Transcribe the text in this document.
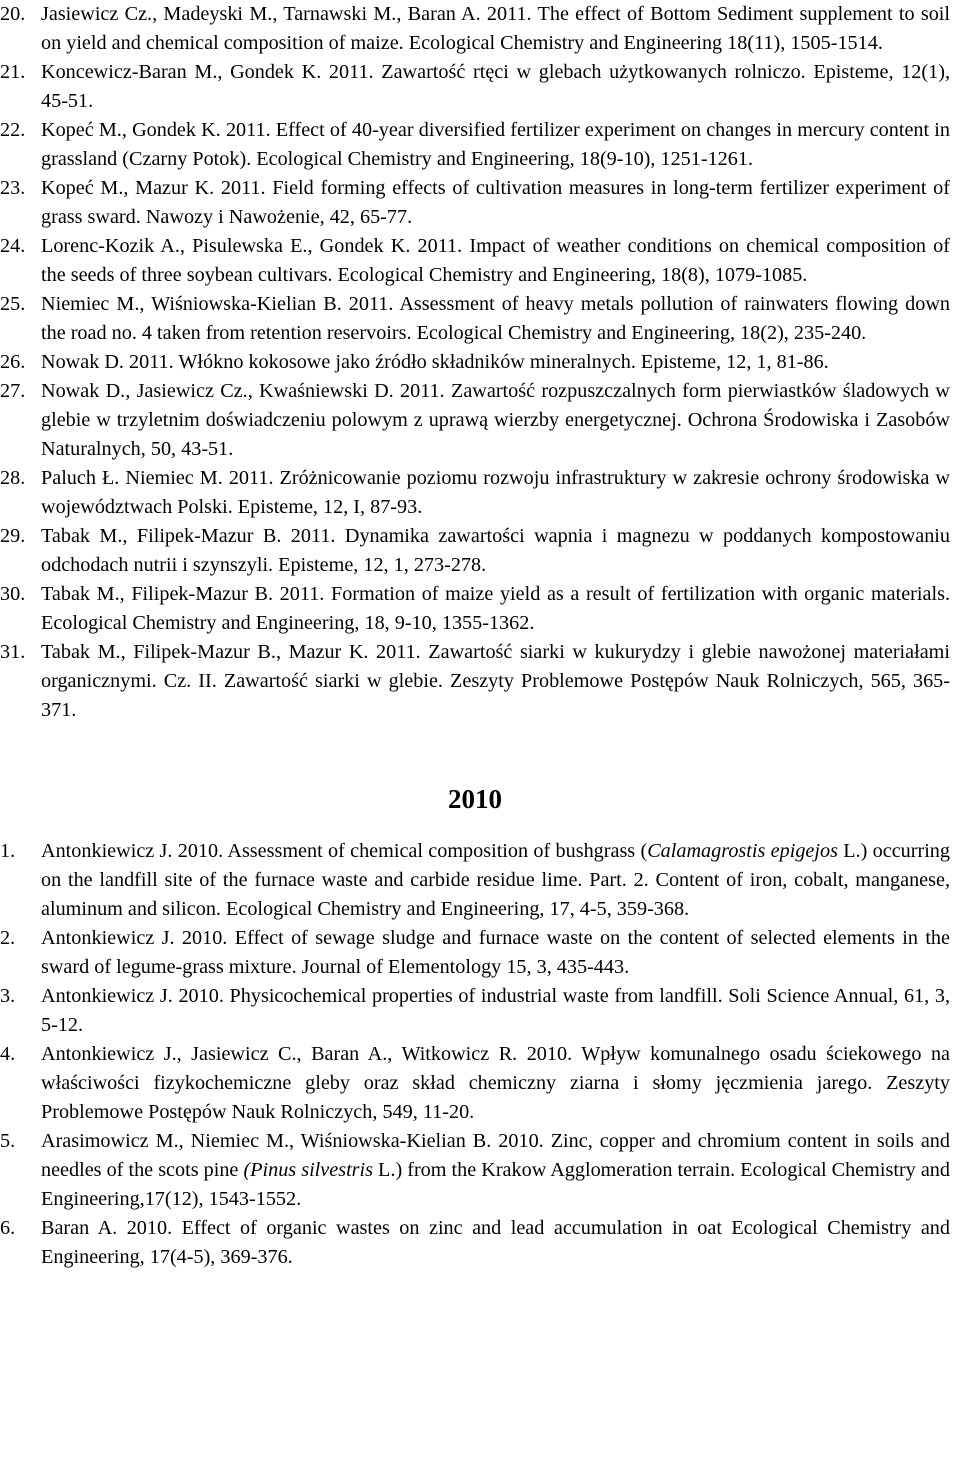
20. Jasiewicz Cz., Madeyski M., Tarnawski M., Baran A. 2011. The effect of Bottom Sediment supplement to soil on yield and chemical composition of maize. Ecological Chemistry and Engineering 18(11), 1505-1514.
21. Koncewicz-Baran M., Gondek K. 2011. Zawartość rtęci w glebach użytkowanych rolniczo. Episteme, 12(1), 45-51.
22. Kopeć M., Gondek K. 2011. Effect of 40-year diversified fertilizer experiment on changes in mercury content in grassland (Czarny Potok). Ecological Chemistry and Engineering, 18(9-10), 1251-1261.
23. Kopeć M., Mazur K. 2011. Field forming effects of cultivation measures in long-term fertilizer experiment of grass sward. Nawozy i Nawożenie, 42, 65-77.
24. Lorenc-Kozik A., Pisulewska E., Gondek K. 2011. Impact of weather conditions on chemical composition of the seeds of three soybean cultivars. Ecological Chemistry and Engineering, 18(8), 1079-1085.
25. Niemiec M., Wiśniowska-Kielian B. 2011. Assessment of heavy metals pollution of rainwaters flowing down the road no. 4 taken from retention reservoirs. Ecological Chemistry and Engineering, 18(2), 235-240.
26. Nowak D. 2011. Włókno kokosowe jako źródło składników mineralnych. Episteme, 12, 1, 81-86.
27. Nowak D., Jasiewicz Cz., Kwaśniewski D. 2011. Zawartość rozpuszczalnych form pierwiastków śladowych w glebie w trzyletnim doświadczeniu polowym z uprawą wierzby energetycznej. Ochrona Środowiska i Zasobów Naturalnych, 50, 43-51.
28. Paluch Ł. Niemiec M. 2011. Zróżnicowanie poziomu rozwoju infrastruktury w zakresie ochrony środowiska w województwach Polski. Episteme, 12, I, 87-93.
29. Tabak M., Filipek-Mazur B. 2011. Dynamika zawartości wapnia i magnezu w poddanych kompostowaniu odchodach nutrii i szynszyli. Episteme, 12, 1, 273-278.
30. Tabak M., Filipek-Mazur B. 2011. Formation of maize yield as a result of fertilization with organic materials. Ecological Chemistry and Engineering, 18, 9-10, 1355-1362.
31. Tabak M., Filipek-Mazur B., Mazur K. 2011. Zawartość siarki w kukurydzy i glebie nawożonej materiałami organicznymi. Cz. II. Zawartość siarki w glebie. Zeszyty Problemowe Postępów Nauk Rolniczych, 565, 365-371.
2010
1.	Antonkiewicz J. 2010. Assessment of chemical composition of bushgrass (Calamagrostis epigejos L.) occurring on the landfill site of the furnace waste and carbide residue lime. Part. 2. Content of iron, cobalt, manganese, aluminum and silicon. Ecological Chemistry and Engineering, 17, 4-5, 359-368.
2.	Antonkiewicz J. 2010. Effect of sewage sludge and furnace waste on the content of selected elements in the sward of legume-grass mixture. Journal of Elementology 15, 3, 435-443.
3.	Antonkiewicz J. 2010. Physicochemical properties of industrial waste from landfill. Soli Science Annual, 61, 3, 5-12.
4.	Antonkiewicz J., Jasiewicz C., Baran A., Witkowicz R. 2010. Wpływ komunalnego osadu ściekowego na właściwości fizykochemiczne gleby oraz skład chemiczny ziarna i słomy jęczmienia jarego. Zeszyty Problemowe Postępów Nauk Rolniczych, 549, 11-20.
5.	Arasimowicz M., Niemiec M., Wiśniowska-Kielian B. 2010. Zinc, copper and chromium content in soils and needles of the scots pine (Pinus silvestris L.) from the Krakow Agglomeration terrain. Ecological Chemistry and Engineering,17(12), 1543-1552.
6.	Baran A. 2010. Effect of organic wastes on zinc and lead accumulation in oat Ecological Chemistry and Engineering, 17(4-5), 369-376.
